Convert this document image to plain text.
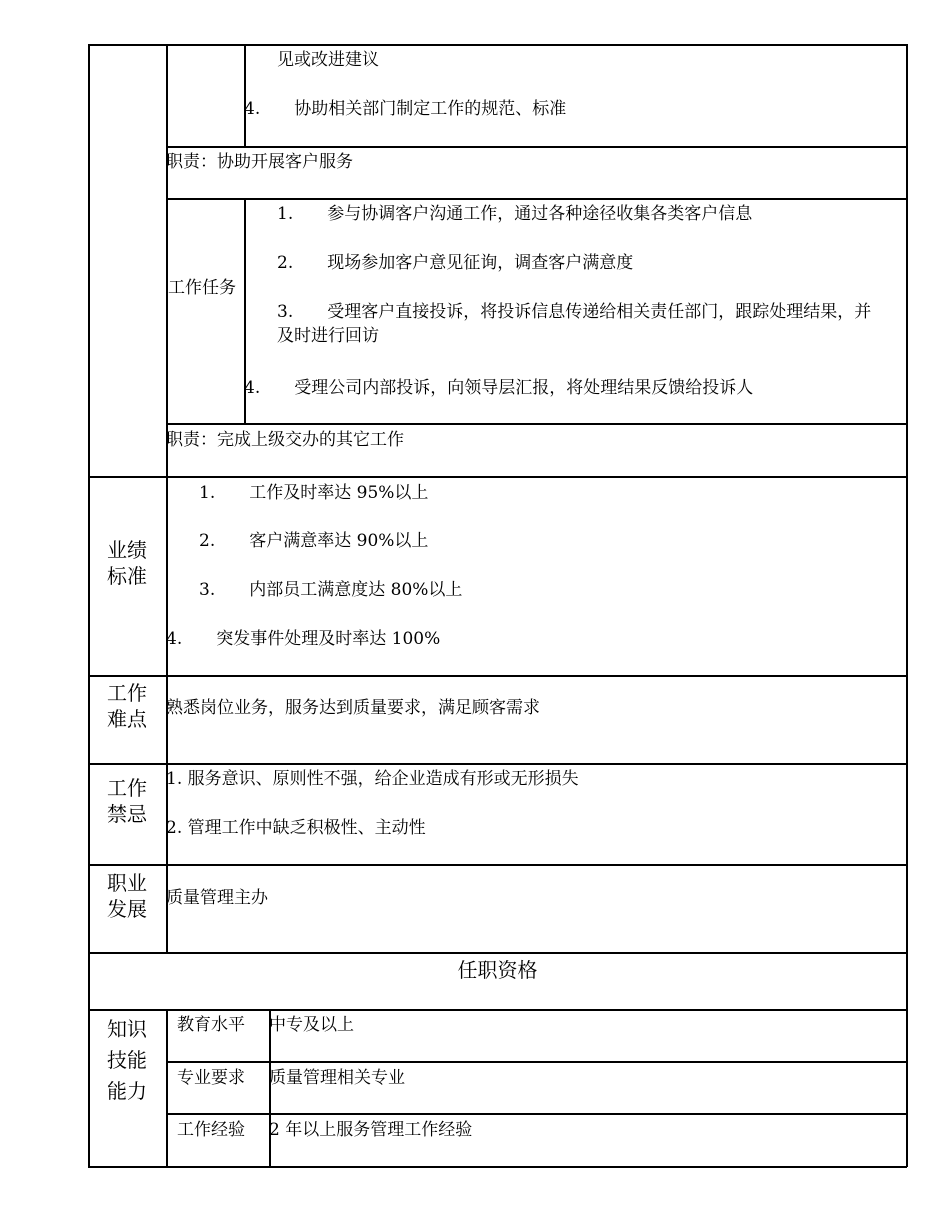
见或改进建议
4.　　协助相关部门制定工作的规范、标准
职责：协助开展客户服务
工作任务
1.　　参与协调客户沟通工作，通过各种途径收集各类客户信息
2.　　现场参加客户意见征询，调查客户满意度
3.　　受理客户直接投诉，将投诉信息传递给相关责任部门，跟踪处理结果，并及时进行回访
4.　　受理公司内部投诉，向领导层汇报，将处理结果反馈给投诉人
职责：完成上级交办的其它工作
业绩标准
1.　　工作及时率达 95%以上
2.　　客户满意率达 90%以上
3.　　内部员工满意度达 80%以上
4.　　突发事件处理及时率达 100%
工作难点 熟悉岗位业务，服务达到质量要求，满足顾客需求
工作禁忌
1. 服务意识、原则性不强，给企业造成有形或无形损失
2. 管理工作中缺乏积极性、主动性
职业发展 质量管理主办
任职资格
知识技能能力
教育水平 中专及以上
专业要求 质量管理相关专业
工作经验 2 年以上服务管理工作经验
